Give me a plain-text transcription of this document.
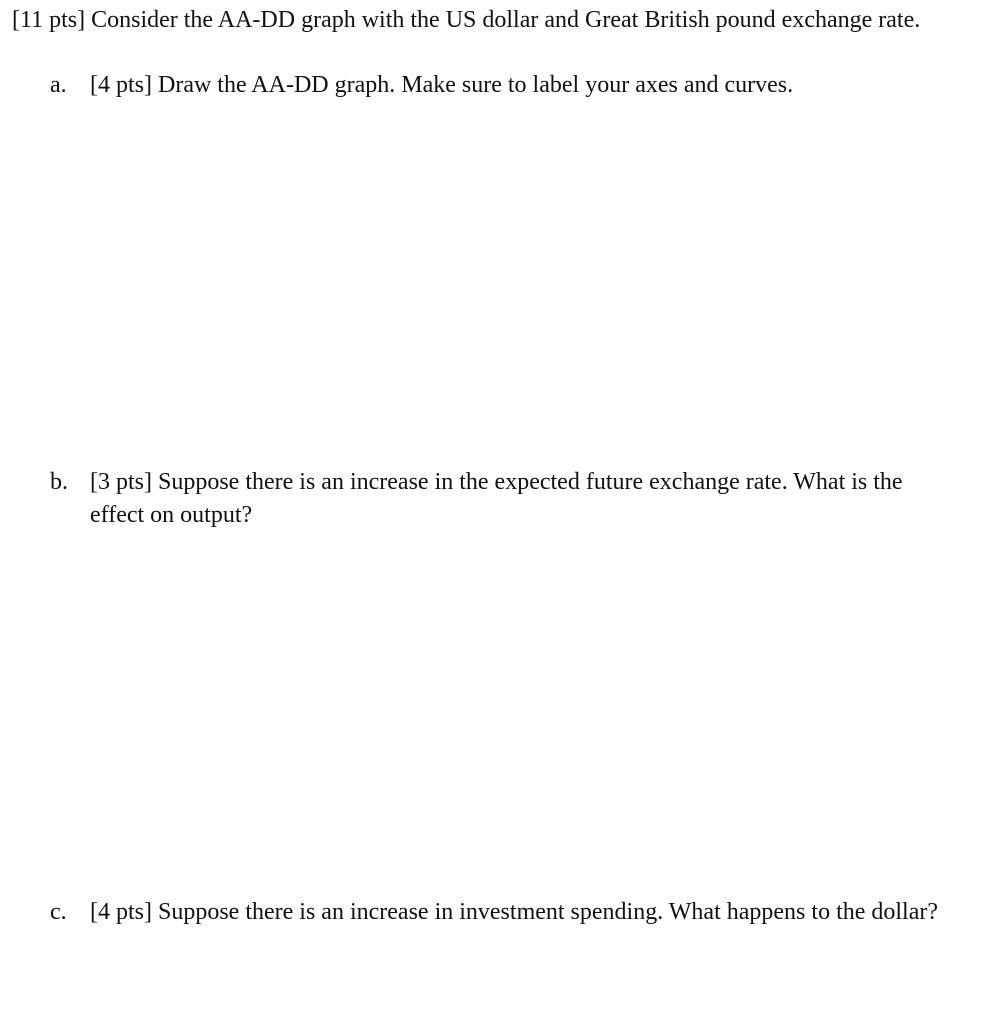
[11 pts] Consider the AA-DD graph with the US dollar and Great British pound exchange rate.
a. [4 pts] Draw the AA-DD graph. Make sure to label your axes and curves.
b. [3 pts] Suppose there is an increase in the expected future exchange rate. What is the effect on output?
c. [4 pts] Suppose there is an increase in investment spending. What happens to the dollar?
